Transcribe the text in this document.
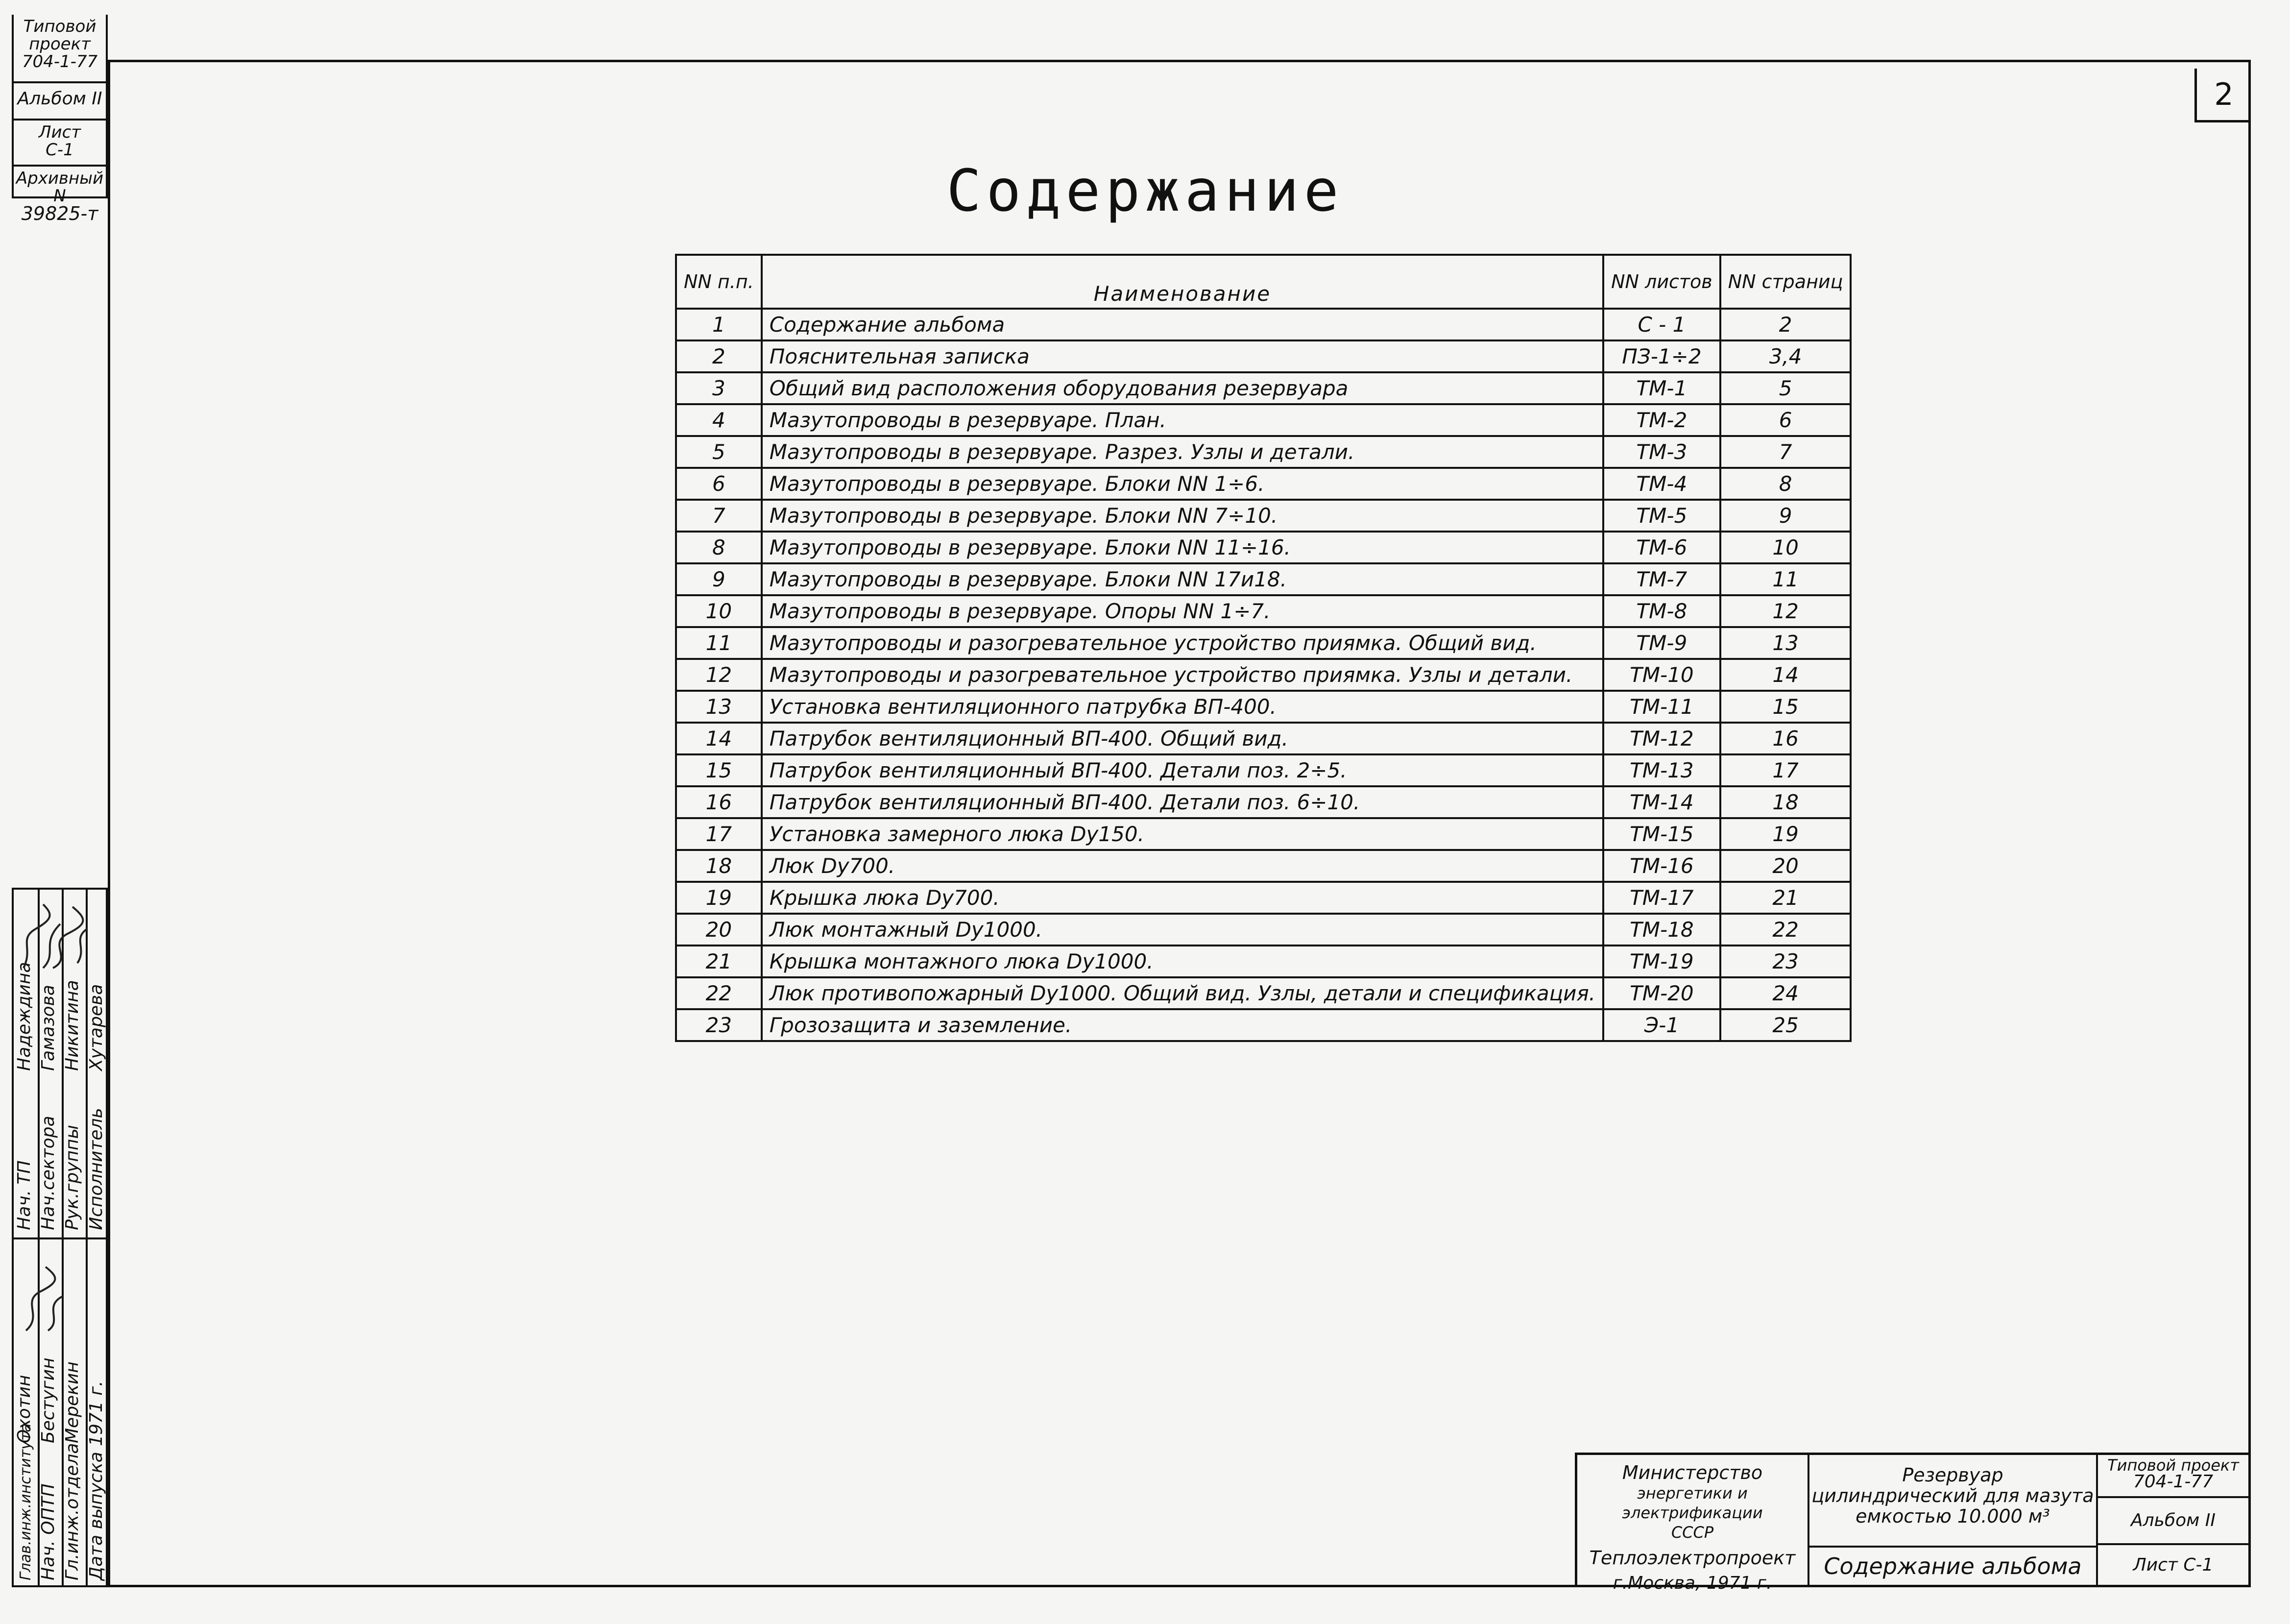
2
Типовой проект
704-1-77
Альбом II
Лист
С-1
Архивный N
39825-т
Надеждина Гамазова Никитина Хутарева
Нач. ТП Нач.сектора Рук.группы Исполнитель
Охотин Бестугин Мерекин
Глав.инж.института Нач. ОПТП Гл.инж.отдела Дата выпуска 1971 г.
Содержание
NN п.п.	Наименование	NN листов	NN страниц
1	Содержание альбома	С - 1	2
2	Пояснительная записка	ПЗ-1÷2	3,4
3	Общий вид расположения оборудования резервуара	ТМ-1	5
4	Мазутопроводы в резервуаре. План.	ТМ-2	6
5	Мазутопроводы в резервуаре. Разрез. Узлы и детали.	ТМ-3	7
6	Мазутопроводы в резервуаре. Блоки NN 1÷6.	ТМ-4	8
7	Мазутопроводы в резервуаре. Блоки NN 7÷10.	ТМ-5	9
8	Мазутопроводы в резервуаре. Блоки NN 11÷16.	ТМ-6	10
9	Мазутопроводы в резервуаре. Блоки NN 17и18.	ТМ-7	11
10	Мазутопроводы в резервуаре. Опоры NN 1÷7.	ТМ-8	12
11	Мазутопроводы и разогревательное устройство приямка. Общий вид.	ТМ-9	13
12	Мазутопроводы и разогревательное устройство приямка. Узлы и детали.	ТМ-10	14
13	Установка вентиляционного патрубка ВП-400.	ТМ-11	15
14	Патрубок вентиляционный ВП-400. Общий вид.	ТМ-12	16
15	Патрубок вентиляционный ВП-400. Детали поз. 2÷5.	ТМ-13	17
16	Патрубок вентиляционный ВП-400. Детали поз. 6÷10.	ТМ-14	18
17	Установка замерного люка Dу150.	ТМ-15	19
18	Люк Dу700.	ТМ-16	20
19	Крышка люка Dу700.	ТМ-17	21
20	Люк монтажный Dу1000.	ТМ-18	22
21	Крышка монтажного люка Dу1000.	ТМ-19	23
22	Люк противопожарный Dу1000. Общий вид. Узлы, детали и спецификация.	ТМ-20	24
23	Грозозащита и заземление.	Э-1	25
Министерство
энергетики и электрификации
СССР
Теплоэлектропроект
г.Москва, 1971 г.
Резервуар
цилиндрический для мазута
емкостью 10.000 м³
Содержание альбома
Типовой проект
704-1-77
Альбом II
Лист С-1
